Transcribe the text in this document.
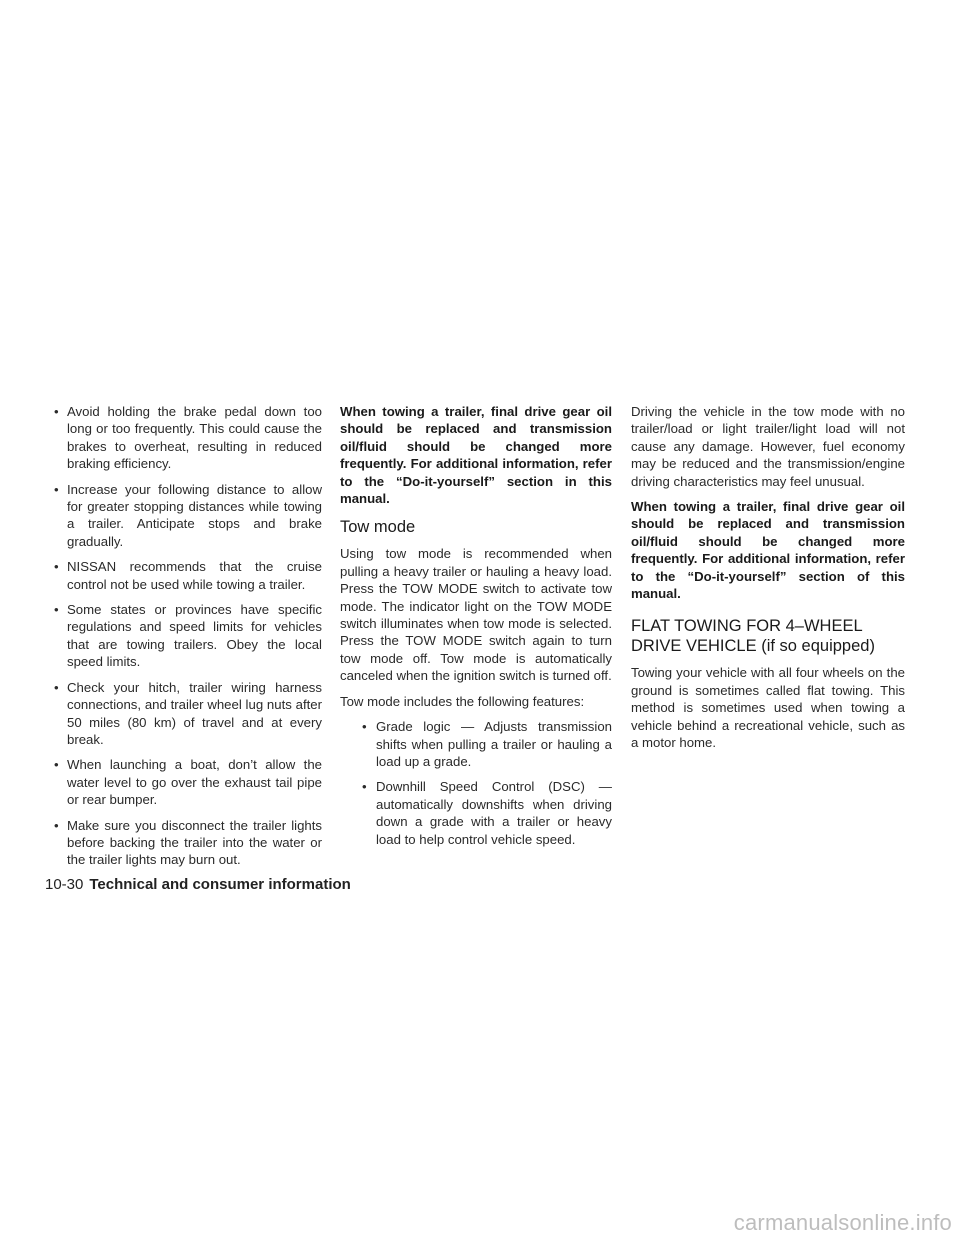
• Avoid holding the brake pedal down too long or too frequently. This could cause the brakes to overheat, resulting in reduced braking efficiency.
• Increase your following distance to allow for greater stopping distances while towing a trailer. Anticipate stops and brake gradually.
• NISSAN recommends that the cruise control not be used while towing a trailer.
• Some states or provinces have specific regulations and speed limits for vehicles that are towing trailers. Obey the local speed limits.
• Check your hitch, trailer wiring harness connections, and trailer wheel lug nuts after 50 miles (80 km) of travel and at every break.
• When launching a boat, don’t allow the water level to go over the exhaust tail pipe or rear bumper.
• Make sure you disconnect the trailer lights before backing the trailer into the water or the trailer lights may burn out.

When towing a trailer, final drive gear oil should be replaced and transmission oil/fluid should be changed more frequently. For additional information, refer to the “Do-it-yourself” section in this manual.

Tow mode

Using tow mode is recommended when pulling a heavy trailer or hauling a heavy load. Press the TOW MODE switch to activate tow mode. The indicator light on the TOW MODE switch illuminates when tow mode is selected. Press the TOW MODE switch again to turn tow mode off. Tow mode is automatically canceled when the ignition switch is turned off.

Tow mode includes the following features:

• Grade logic — Adjusts transmission shifts when pulling a trailer or hauling a load up a grade.
• Downhill Speed Control (DSC) — automatically downshifts when driving down a grade with a trailer or heavy load to help control vehicle speed.

Driving the vehicle in the tow mode with no trailer/load or light trailer/light load will not cause any damage. However, fuel economy may be reduced and the transmission/engine driving characteristics may feel unusual.

When towing a trailer, final drive gear oil should be replaced and transmission oil/fluid should be changed more frequently. For additional information, refer to the “Do-it-yourself” section of this manual.

FLAT TOWING FOR 4–WHEEL DRIVE VEHICLE (if so equipped)

Towing your vehicle with all four wheels on the ground is sometimes called flat towing. This method is sometimes used when towing a vehicle behind a recreational vehicle, such as a motor home.

10-30 Technical and consumer information
carmanualsonline.info
